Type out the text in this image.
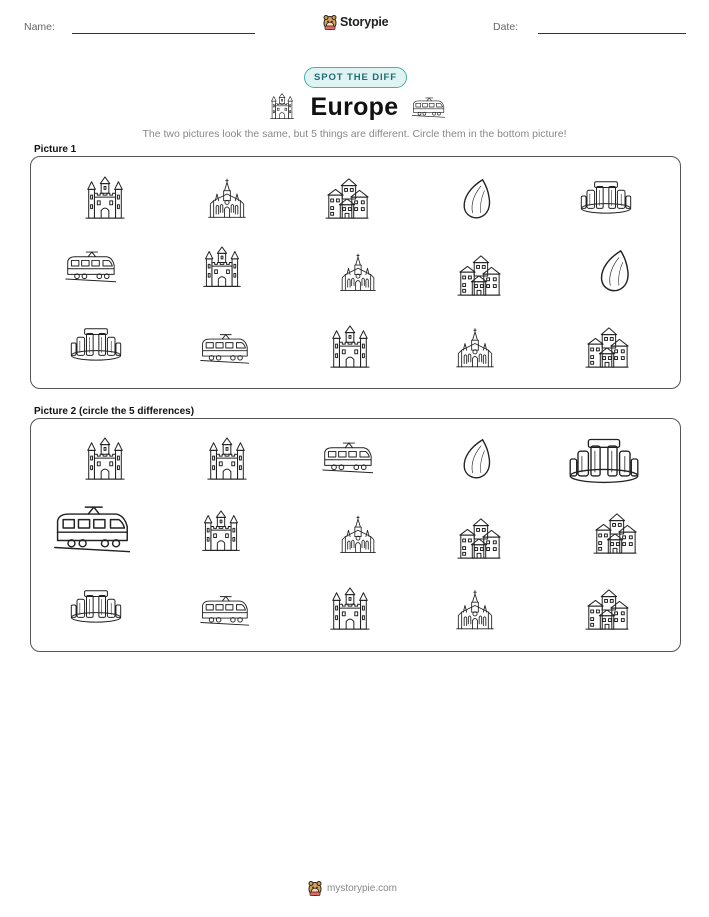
Name:	Storypie	Date:
SPOT THE DIFF
Europe
The two pictures look the same, but 5 things are different. Circle them in the bottom picture!
Picture 1
Picture 2 (circle the 5 differences)
mystorypie.com
